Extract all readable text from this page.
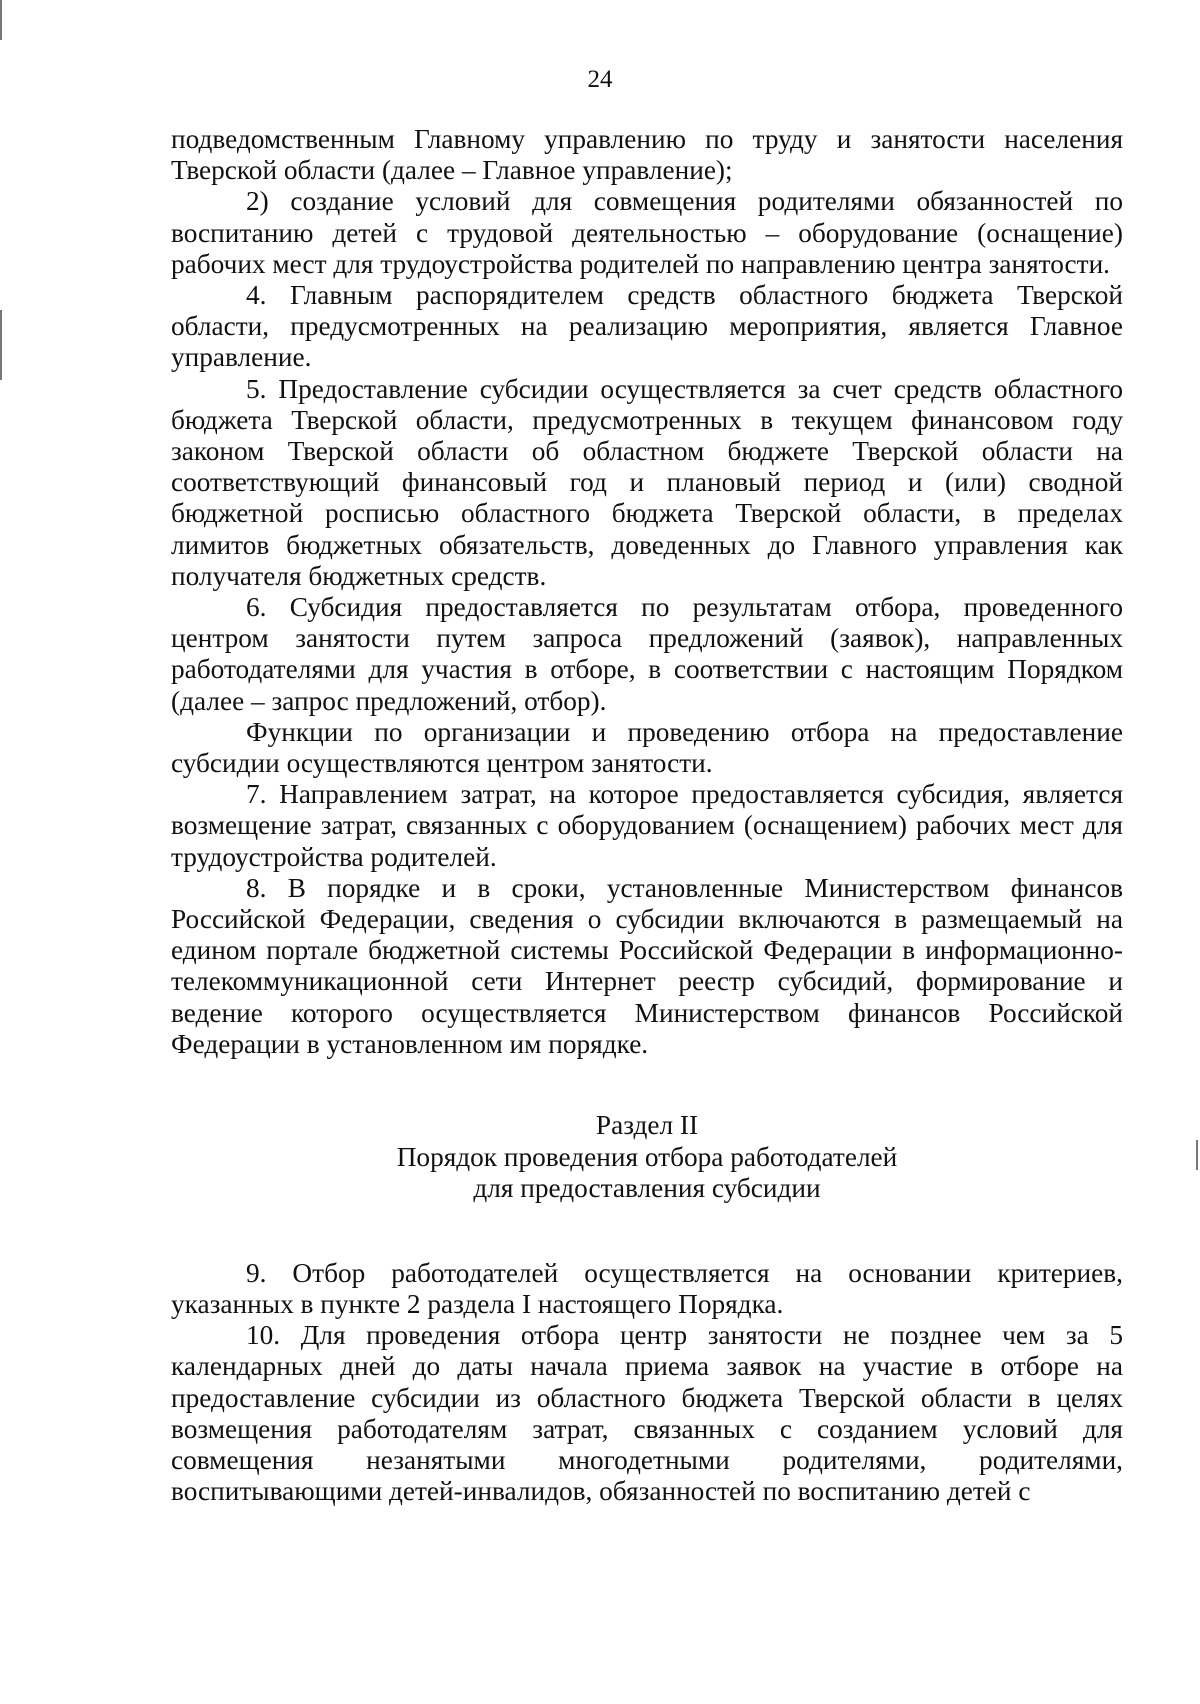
24

подведомственным Главному управлению по труду и занятости населения Тверской области (далее – Главное управление);

2) создание условий для совмещения родителями обязанностей по воспитанию детей с трудовой деятельностью – оборудование (оснащение) рабочих мест для трудоустройства родителей по направлению центра занятости.

4. Главным распорядителем средств областного бюджета Тверской области, предусмотренных на реализацию мероприятия, является Главное управление.

5. Предоставление субсидии осуществляется за счет средств областного бюджета Тверской области, предусмотренных в текущем финансовом году законом Тверской области об областном бюджете Тверской области на соответствующий финансовый год и плановый период и (или) сводной бюджетной росписью областного бюджета Тверской области, в пределах лимитов бюджетных обязательств, доведенных до Главного управления как получателя бюджетных средств.

6. Субсидия предоставляется по результатам отбора, проведенного центром занятости путем запроса предложений (заявок), направленных работодателями для участия в отборе, в соответствии с настоящим Порядком (далее – запрос предложений, отбор).

Функции по организации и проведению отбора на предоставление субсидии осуществляются центром занятости.

7. Направлением затрат, на которое предоставляется субсидия, является возмещение затрат, связанных с оборудованием (оснащением) рабочих мест для трудоустройства родителей.

8. В порядке и в сроки, установленные Министерством финансов Российской Федерации, сведения о субсидии включаются в размещаемый на едином портале бюджетной системы Российской Федерации в информационно-телекоммуникационной сети Интернет реестр субсидий, формирование и ведение которого осуществляется Министерством финансов Российской Федерации в установленном им порядке.

Раздел II
Порядок проведения отбора работодателей
для предоставления субсидии

9. Отбор работодателей осуществляется на основании критериев, указанных в пункте 2 раздела I настоящего Порядка.

10. Для проведения отбора центр занятости не позднее чем за 5 календарных дней до даты начала приема заявок на участие в отборе на предоставление субсидии из областного бюджета Тверской области в целях возмещения работодателям затрат, связанных с созданием условий для совмещения незанятыми многодетными родителями, родителями, воспитывающими детей-инвалидов, обязанностей по воспитанию детей с
